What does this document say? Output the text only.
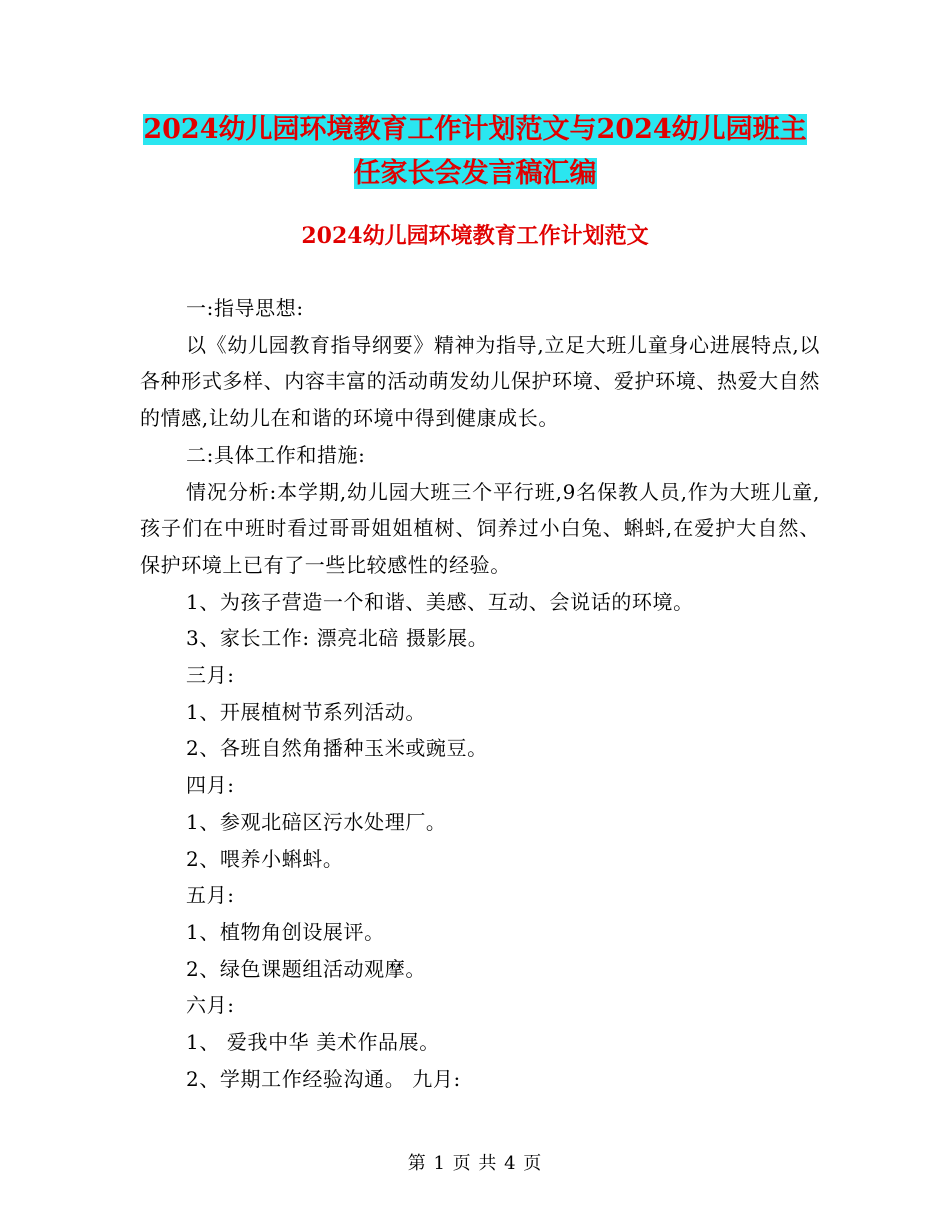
2024幼儿园环境教育工作计划范文与2024幼儿园班主
任家长会发言稿汇编
2024幼儿园环境教育工作计划范文

一:指导思想:

以《幼儿园教育指导纲要》精神为指导,立足大班儿童身心进展特点,以各种形式多样、内容丰富的活动萌发幼儿保护环境、爱护环境、热爱大自然的情感,让幼儿在和谐的环境中得到健康成长。

二:具体工作和措施:

情况分析:本学期,幼儿园大班三个平行班,9名保教人员,作为大班儿童,孩子们在中班时看过哥哥姐姐植树、饲养过小白兔、蝌蚪,在爱护大自然、保护环境上已有了一些比较感性的经验。

1、为孩子营造一个和谐、美感、互动、会说话的环境。

3、家长工作: 漂亮北碚 摄影展。

三月:

1、开展植树节系列活动。

2、各班自然角播种玉米或豌豆。

四月:

1、参观北碚区污水处理厂。

2、喂养小蝌蚪。

五月:

1、植物角创设展评。

2、绿色课题组活动观摩。

六月:

1、 爱我中华 美术作品展。

2、学期工作经验沟通。 九月:

第 1 页 共 4 页
